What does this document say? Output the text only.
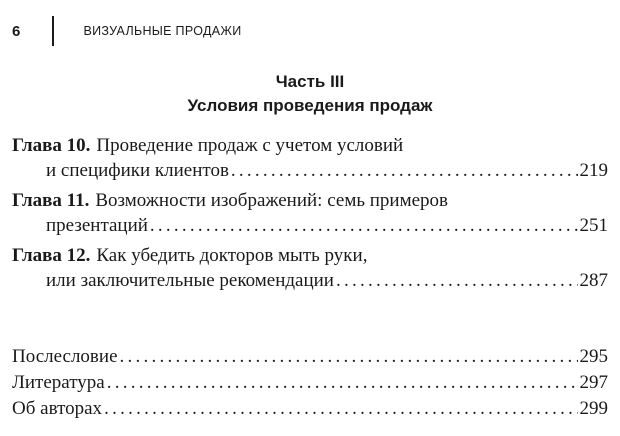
6	ВИЗУАЛЬНЫЕ ПРОДАЖИ
Часть III
Условия проведения продаж
Глава 10. Проведение продаж с учетом условий
и специфики клиентов . . .	219
Глава 11. Возможности изображений: семь примеров
презентаций . . .	251
Глава 12. Как убедить докторов мыть руки,
или заключительные рекомендации . . .	287
Послесловие . . .	295
Литература . . .	297
Об авторах . . .	299
